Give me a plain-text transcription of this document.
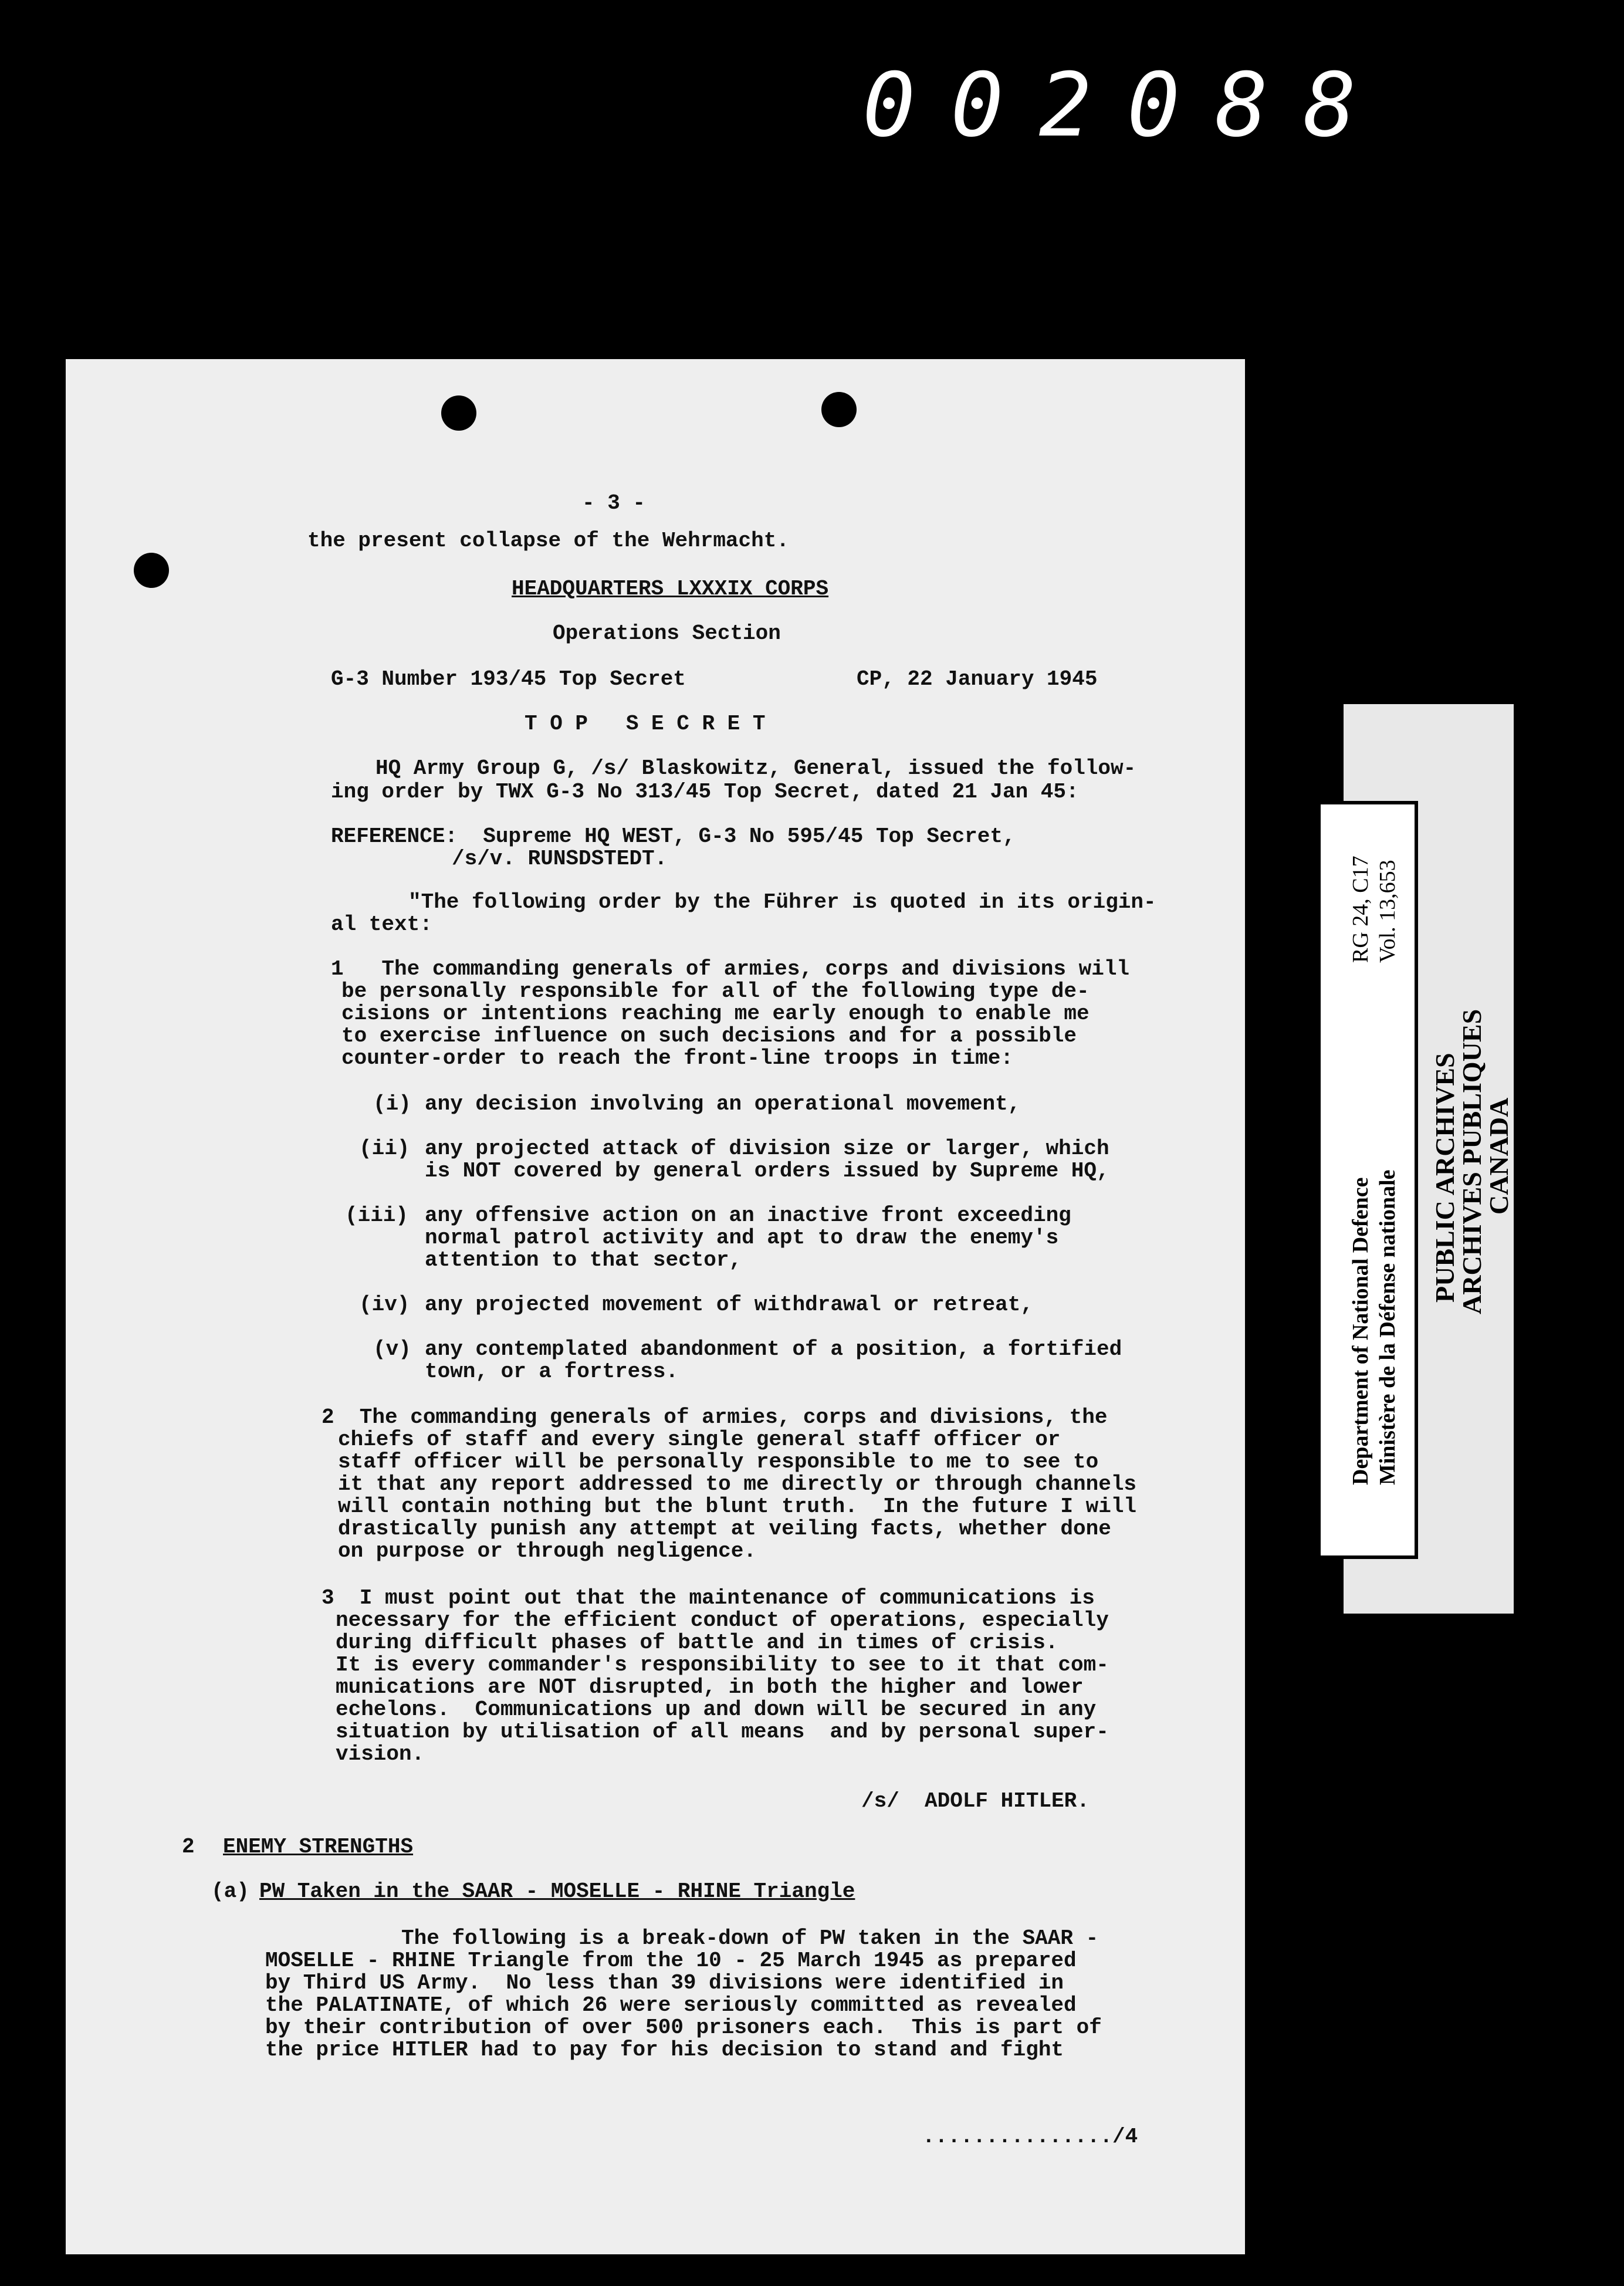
002088
- 3 -
the present collapse of the Wehrmacht.
HEADQUARTERS LXXXIX CORPS
Operations Section
G-3 Number 193/45 Top Secret	CP, 22 January 1945
T O P   S E C R E T
HQ Army Group G, /s/ Blaskowitz, General, issued the follow-
ing order by TWX G-3 No 313/45 Top Secret, dated 21 Jan 45:
REFERENCE:  Supreme HQ WEST, G-3 No 595/45 Top Secret,
/s/v. RUNSDSTEDT.
"The following order by the Führer is quoted in its origin-
al text:
1   The commanding generals of armies, corps and divisions will
be personally responsible for all of the following type de-
cisions or intentions reaching me early enough to enable me
to exercise influence on such decisions and for a possible
counter-order to reach the front-line troops in time:
(i) any decision involving an operational movement,
(ii) any projected attack of division size or larger, which
is NOT covered by general orders issued by Supreme HQ,
(iii) any offensive action on an inactive front exceeding
normal patrol activity and apt to draw the enemy's
attention to that sector,
(iv) any projected movement of withdrawal or retreat,
(v) any contemplated abandonment of a position, a fortified
town, or a fortress.
2  The commanding generals of armies, corps and divisions, the
chiefs of staff and every single general staff officer or
staff officer will be personally responsible to me to see to
it that any report addressed to me directly or through channels
will contain nothing but the blunt truth.  In the future I will
drastically punish any attempt at veiling facts, whether done
on purpose or through negligence.
3  I must point out that the maintenance of communications is
necessary for the efficient conduct of operations, especially
during difficult phases of battle and in times of crisis.
It is every commander's responsibility to see to it that com-
munications are NOT disrupted, in both the higher and lower
echelons.  Communications up and down will be secured in any
situation by utilisation of all means  and by personal super-
vision.
/s/  ADOLF HITLER.
2 ENEMY STRENGTHS
(a) PW Taken in the SAAR - MOSELLE - RHINE Triangle
The following is a break-down of PW taken in the SAAR -
MOSELLE - RHINE Triangle from the 10 - 25 March 1945 as prepared
by Third US Army.  No less than 39 divisions were identified in
the PALATINATE, of which 26 were seriously committed as revealed
by their contribution of over 500 prisoners each.  This is part of
the price HITLER had to pay for his decision to stand and fight
.............../4
Department of National Defence Ministère de la Défense nationale
RG 24, C17 Vol. 13,653
PUBLIC ARCHIVES
ARCHIVES PUBLIQUES
CANADA
